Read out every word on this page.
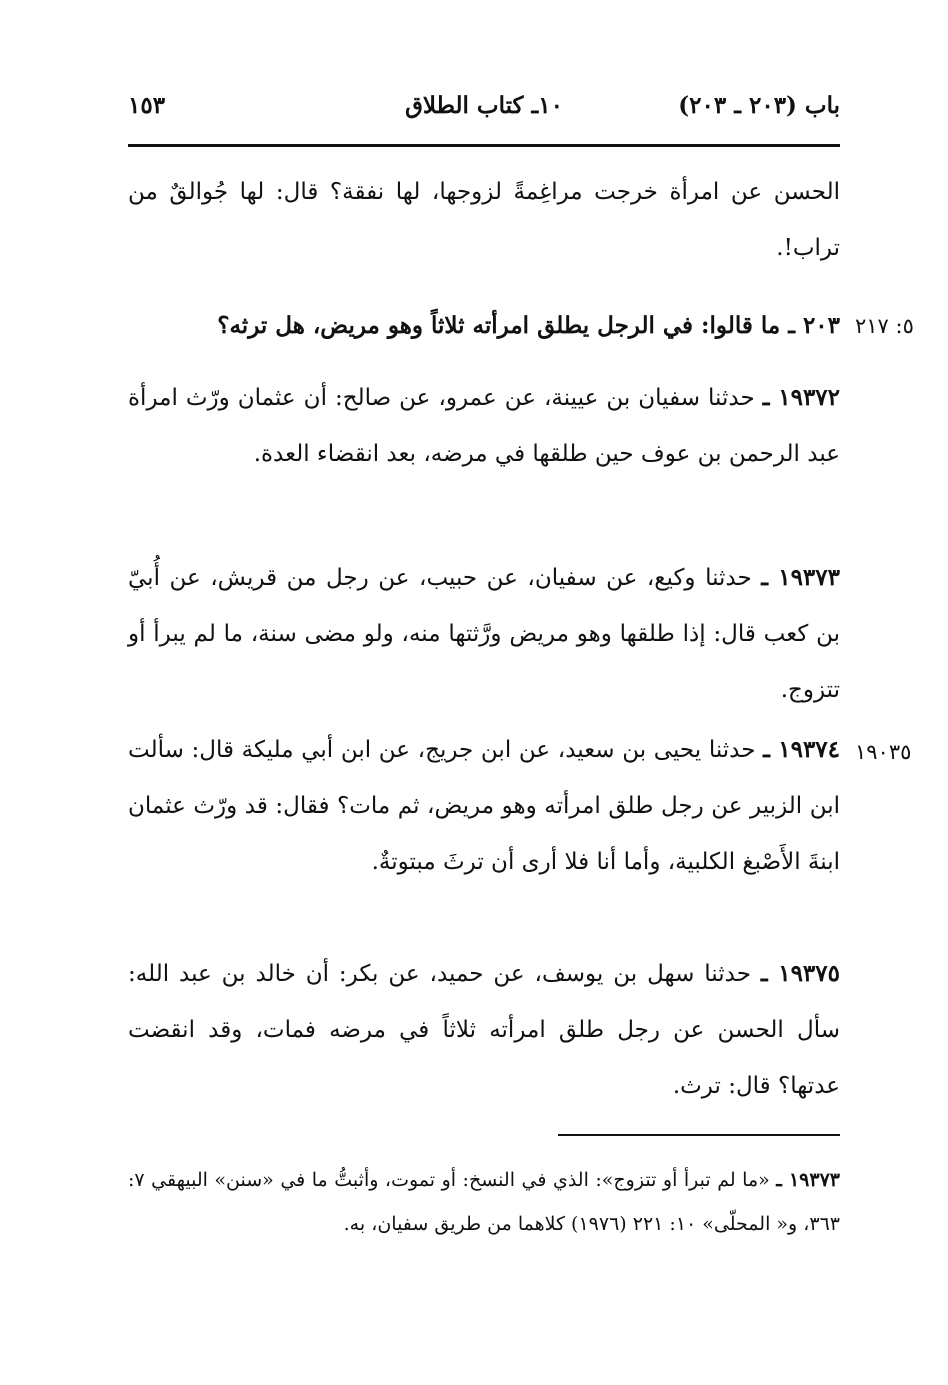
باب (٢٠٣ ـ ٢٠٣)
١٠ـ كتاب الطلاق
١٥٣

الحسن عن امرأة خرجت مراغِمةً لزوجها، لها نفقة؟ قال: لها جُوالقٌ من تراب!.

٥: ٢١٧
٢٠٣ ـ ما قالوا: في الرجل يطلق امرأته ثلاثاً وهو مريض، هل ترثه؟

١٩٣٧٢ ـ حدثنا سفيان بن عيينة، عن عمرو، عن صالح: أن عثمان ورّث امرأة عبد الرحمن بن عوف حين طلقها في مرضه، بعد انقضاء العدة.

١٩٣٧٣ ـ حدثنا وكيع، عن سفيان، عن حبيب، عن رجل من قريش، عن أُبيّ بن كعب قال: إذا طلقها وهو مريض ورَّثتها منه، ولو مضى سنة، ما لم يبرأ أو تتزوج.

١٩٠٣٥

١٩٣٧٤ ـ حدثنا يحيى بن سعيد، عن ابن جريج، عن ابن أبي مليكة قال: سألت ابن الزبير عن رجل طلق امرأته وهو مريض، ثم مات؟ فقال: قد ورّث عثمان ابنةَ الأَصْبغ الكلبية، وأما أنا فلا أرى أن ترثَ مبتوتةٌ.

١٩٣٧٥ ـ حدثنا سهل بن يوسف، عن حميد، عن بكر: أن خالد بن عبد الله: سأل الحسن عن رجل طلق امرأته ثلاثاً في مرضه فمات، وقد انقضت عدتها؟ قال: ترث.

١٩٣٧٣ ـ «ما لم تبرأ أو تتزوج»: الذي في النسخ: أو تموت، وأثبتُّ ما في «سنن» البيهقي ٧: ٣٦٣، و« المحلّى» ١٠: ٢٢١ (١٩٧٦) كلاهما من طريق سفيان، به.
